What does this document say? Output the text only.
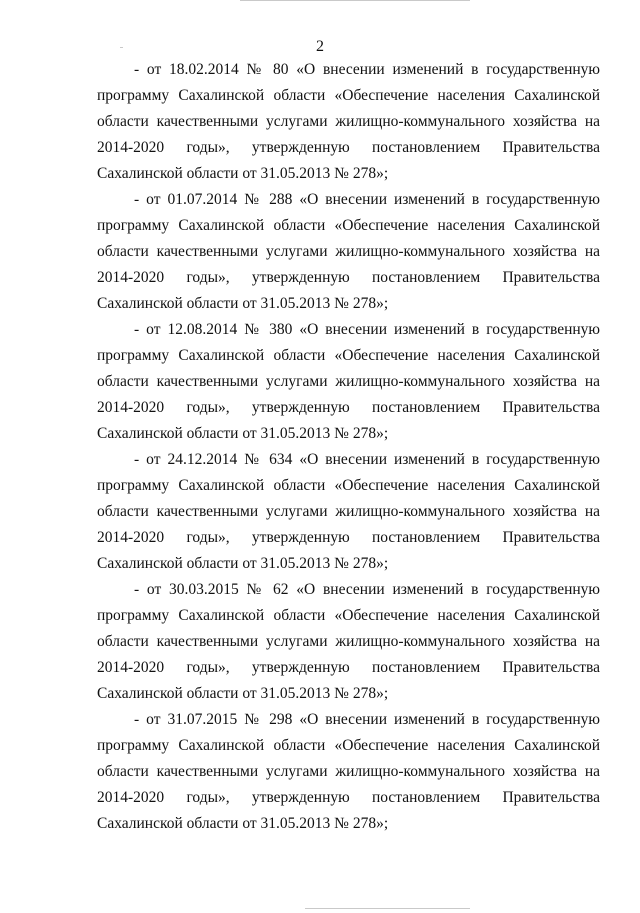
2
- от 18.02.2014 № 80 «О внесении изменений в государственную
программу Сахалинской области «Обеспечение населения Сахалинской
области качественными услугами жилищно-коммунального хозяйства на
2014-2020 годы», утвержденную постановлением Правительства
Сахалинской области от 31.05.2013 № 278»;
- от 01.07.2014 № 288 «О внесении изменений в государственную
программу Сахалинской области «Обеспечение населения Сахалинской
области качественными услугами жилищно-коммунального хозяйства на
2014-2020 годы», утвержденную постановлением Правительства
Сахалинской области от 31.05.2013 № 278»;
- от 12.08.2014 № 380 «О внесении изменений в государственную
программу Сахалинской области «Обеспечение населения Сахалинской
области качественными услугами жилищно-коммунального хозяйства на
2014-2020 годы», утвержденную постановлением Правительства
Сахалинской области от 31.05.2013 № 278»;
- от 24.12.2014 № 634 «О внесении изменений в государственную
программу Сахалинской области «Обеспечение населения Сахалинской
области качественными услугами жилищно-коммунального хозяйства на
2014-2020 годы», утвержденную постановлением Правительства
Сахалинской области от 31.05.2013 № 278»;
- от 30.03.2015 № 62 «О внесении изменений в государственную
программу Сахалинской области «Обеспечение населения Сахалинской
области качественными услугами жилищно-коммунального хозяйства на
2014-2020 годы», утвержденную постановлением Правительства
Сахалинской области от 31.05.2013 № 278»;
- от 31.07.2015 № 298 «О внесении изменений в государственную
программу Сахалинской области «Обеспечение населения Сахалинской
области качественными услугами жилищно-коммунального хозяйства на
2014-2020 годы», утвержденную постановлением Правительства
Сахалинской области от 31.05.2013 № 278»;
